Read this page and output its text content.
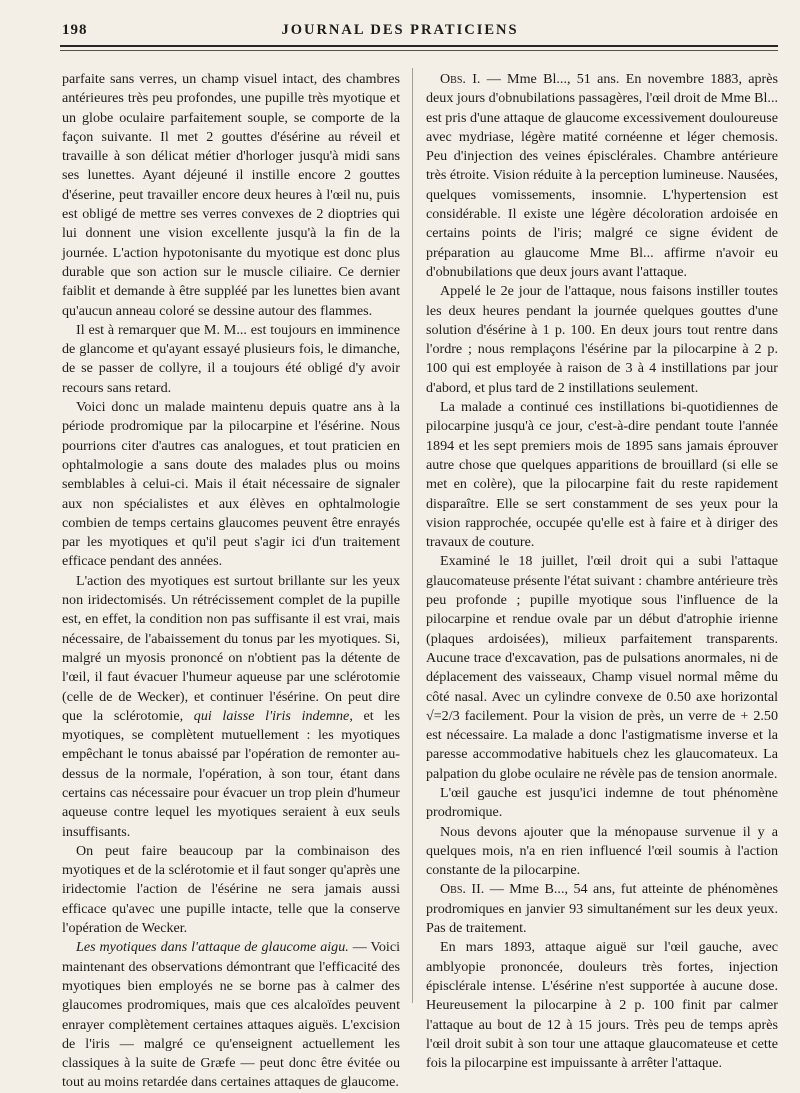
198	JOURNAL DES PRATICIENS

parfaite sans verres, un champ visuel intact, des chambres antérieures très peu profondes, une pupille très myotique et un globe oculaire parfaitement souple, se comporte de la façon suivante. Il met 2 gouttes d'ésérine au réveil et travaille à son délicat métier d'horloger jusqu'à midi sans ses lunettes. Ayant déjeuné il instille encore 2 gouttes d'éserine, peut travailler encore deux heures à l'œil nu, puis est obligé de mettre ses verres convexes de 2 dioptries qui lui donnent une vision excellente jusqu'à la fin de la journée. L'action hypotonisante du myotique est donc plus durable que son action sur le muscle ciliaire. Ce dernier faiblit et demande à être suppléé par les lunettes bien avant qu'aucun anneau coloré se dessine autour des flammes.

Il est à remarquer que M. M... est toujours en imminence de glancome et qu'ayant essayé plusieurs fois, le dimanche, de se passer de collyre, il a toujours été obligé d'y avoir recours sans retard.

Voici donc un malade maintenu depuis quatre ans à la période prodromique par la pilocarpine et l'ésérine. Nous pourrions citer d'autres cas analogues, et tout praticien en ophtalmologie a sans doute des malades plus ou moins semblables à celui-ci. Mais il était nécessaire de signaler aux non spécialistes et aux élèves en ophtalmologie combien de temps certains glaucomes peuvent être enrayés par les myotiques et qu'il peut s'agir ici d'un traitement efficace pendant des années.

L'action des myotiques est surtout brillante sur les yeux non iridectomisés. Un rétrécissement complet de la pupille est, en effet, la condition non pas suffisante il est vrai, mais nécessaire, de l'abaissement du tonus par les myotiques. Si, malgré un myosis prononcé on n'obtient pas la détente de l'œil, il faut évacuer l'humeur aqueuse par une sclérotomie (celle de de Wecker), et continuer l'ésérine. On peut dire que la sclérotomie, qui laisse l'iris indemne, et les myotiques, se complètent mutuellement : les myotiques empêchant le tonus abaissé par l'opération de remonter au-dessus de la normale, l'opération, à son tour, étant dans certains cas nécessaire pour évacuer un trop plein d'humeur aqueuse contre lequel les myotiques seraient à eux seuls insuffisants.

On peut faire beaucoup par la combinaison des myotiques et de la sclérotomie et il faut songer qu'après une iridectomie l'action de l'ésérine ne sera jamais aussi efficace qu'avec une pupille intacte, telle que la conserve l'opération de Wecker.

Les myotiques dans l'attaque de glaucome aigu. — Voici maintenant des observations démontrant que l'efficacité des myotiques bien employés ne se borne pas à calmer des glaucomes prodromiques, mais que ces alcaloïdes peuvent enrayer complètement certaines attaques aiguës. L'excision de l'iris — malgré ce qu'enseignent actuellement les classiques à la suite de Græfe — peut donc être évitée ou tout au moins retardée dans certaines attaques de glaucome.

Obs. I. — Mme Bl..., 51 ans. En novembre 1883, après deux jours d'obnubilations passagères, l'œil droit de Mme Bl... est pris d'une attaque de glaucome excessivement douloureuse avec mydriase, légère matité cornéenne et léger chemosis. Peu d'injection des veines épisclérales. Chambre antérieure très étroite. Vision réduite à la perception lumineuse. Nausées, quelques vomissements, insomnie. L'hypertension est considérable. Il existe une légère décoloration ardoisée en certains points de l'iris; malgré ce signe évident de préparation au glaucome Mme Bl... affirme n'avoir eu d'obnubilations que deux jours avant l'attaque.

Appelé le 2e jour de l'attaque, nous faisons instiller toutes les deux heures pendant la journée quelques gouttes d'une solution d'ésérine à 1 p. 100. En deux jours tout rentre dans l'ordre ; nous remplaçons l'ésérine par la pilocarpine à 2 p. 100 qui est employée à raison de 3 à 4 instillations par jour d'abord, et plus tard de 2 instillations seulement.

La malade a continué ces instillations bi-quotidiennes de pilocarpine jusqu'à ce jour, c'est-à-dire pendant toute l'année 1894 et les sept premiers mois de 1895 sans jamais éprouver autre chose que quelques apparitions de brouillard (si elle se met en colère), que la pilocarpine fait du reste rapidement disparaître. Elle se sert constamment de ses yeux pour la vision rapprochée, occupée qu'elle est à faire et à diriger des travaux de couture.

Examiné le 18 juillet, l'œil droit qui a subi l'attaque glaucomateuse présente l'état suivant : chambre antérieure très peu profonde ; pupille myotique sous l'influence de la pilocarpine et rendue ovale par un début d'atrophie irienne (plaques ardoisées), milieux parfaitement transparents. Aucune trace d'excavation, pas de pulsations anormales, ni de déplacement des vaisseaux, Champ visuel normal même du côté nasal. Avec un cylindre convexe de 0.50 axe horizontal √=2/3 facilement. Pour la vision de près, un verre de + 2.50 est nécessaire. La malade a donc l'astigmatisme inverse et la paresse accommodative habituels chez les glaucomateux. La palpation du globe oculaire ne révèle pas de tension anormale.

L'œil gauche est jusqu'ici indemne de tout phénomène prodromique.

Nous devons ajouter que la ménopause survenue il y a quelques mois, n'a en rien influencé l'œil soumis à l'action constante de la pilocarpine.

Obs. II. — Mme B..., 54 ans, fut atteinte de phénomènes prodromiques en janvier 93 simultanément sur les deux yeux. Pas de traitement.

En mars 1893, attaque aiguë sur l'œil gauche, avec amblyopie prononcée, douleurs très fortes, injection épisclérale intense. L'ésérine n'est supportée à aucune dose. Heureusement la pilocarpine à 2 p. 100 finit par calmer l'attaque au bout de 12 à 15 jours. Très peu de temps après l'œil droit subit à son tour une attaque glaucomateuse et cette fois la pilocarpine est impuissante à arrêter l'attaque.
